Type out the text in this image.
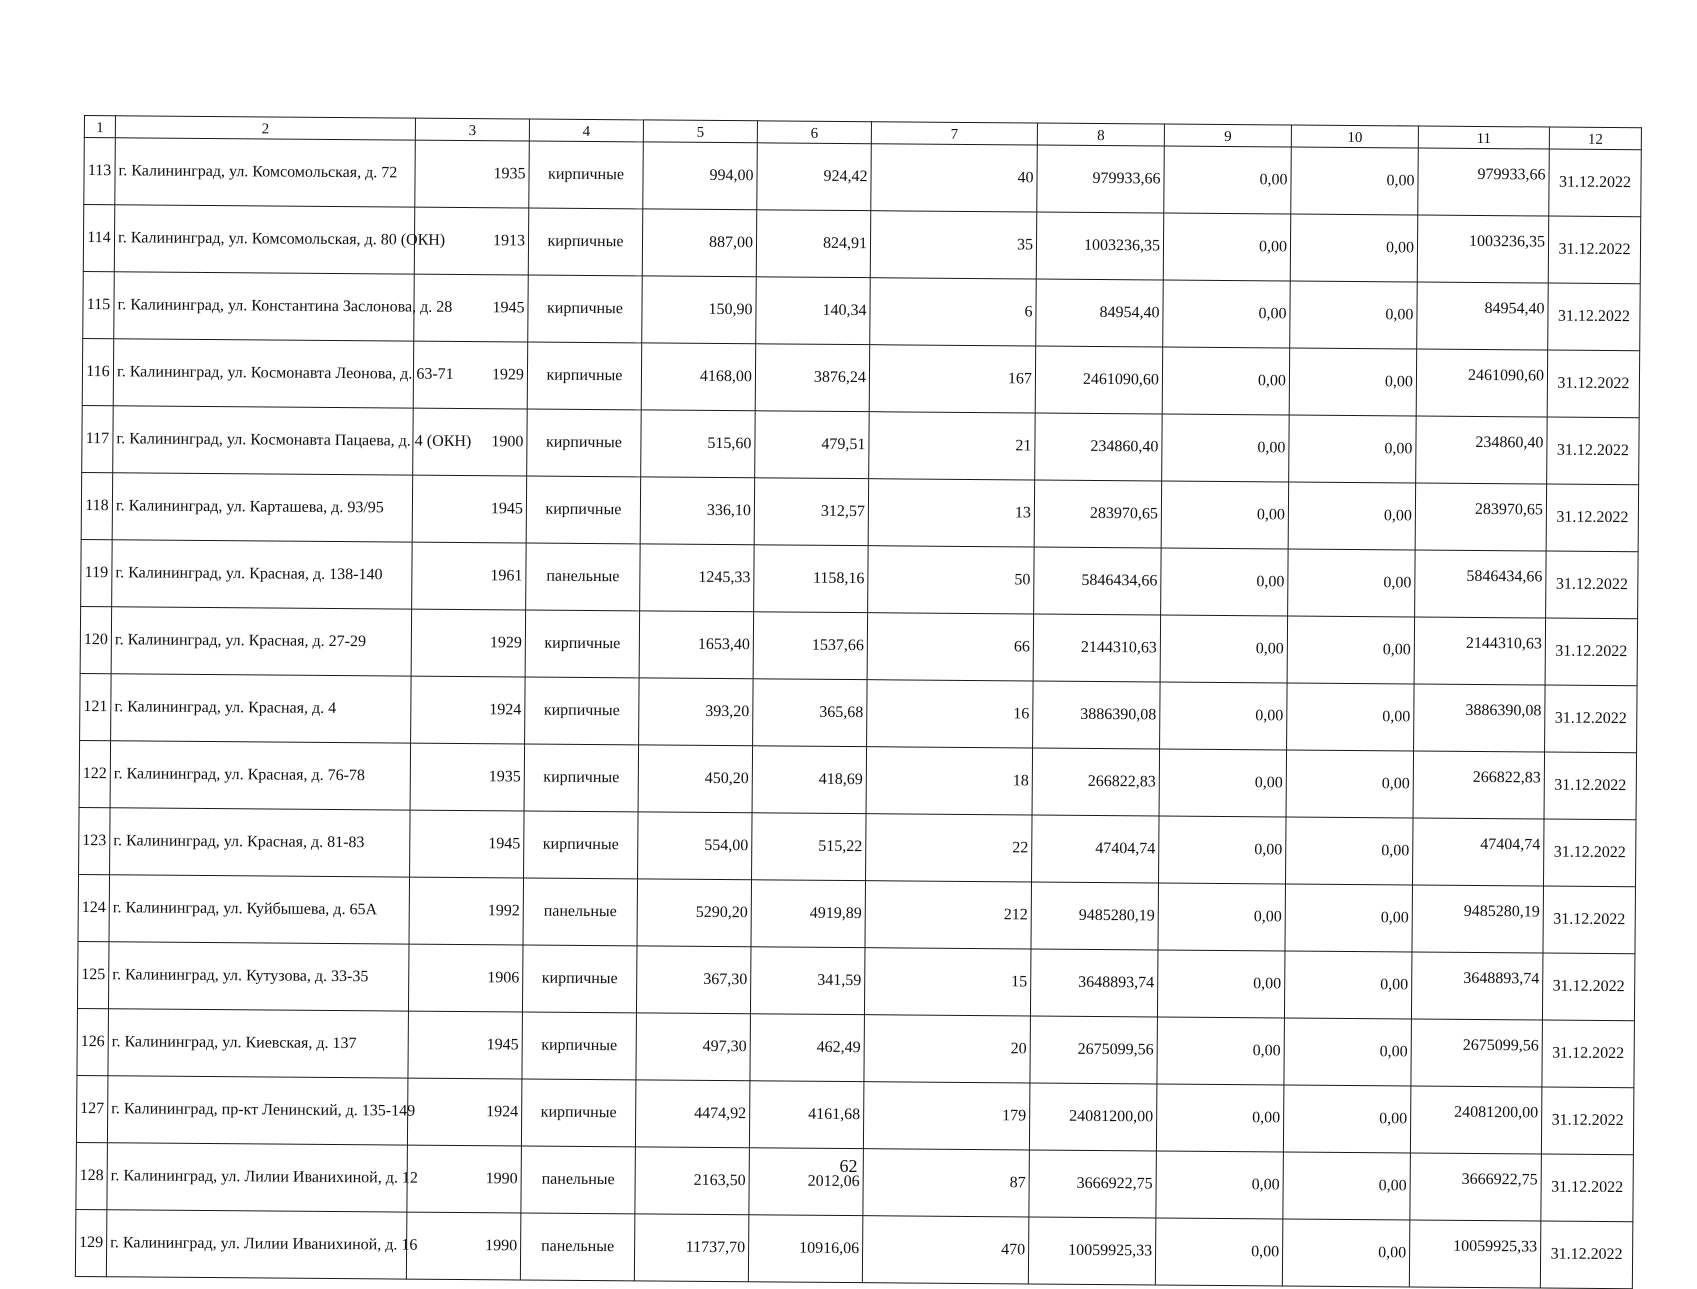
1	2	3	4	5	6	7	8	9	10	11	12
113	г. Калининград, ул. Комсомольская, д. 72	1935	кирпичные	994,00	924,42	40	979933,66	0,00	0,00	979933,66	31.12.2022
114	г. Калининград, ул. Комсомольская, д. 80 (ОКН)	1913	кирпичные	887,00	824,91	35	1003236,35	0,00	0,00	1003236,35	31.12.2022
115	г. Калининград, ул. Константина Заслонова, д. 28	1945	кирпичные	150,90	140,34	6	84954,40	0,00	0,00	84954,40	31.12.2022
116	г. Калининград, ул. Космонавта Леонова, д. 63-71	1929	кирпичные	4168,00	3876,24	167	2461090,60	0,00	0,00	2461090,60	31.12.2022
117	г. Калининград, ул. Космонавта Пацаева, д. 4 (ОКН)	1900	кирпичные	515,60	479,51	21	234860,40	0,00	0,00	234860,40	31.12.2022
118	г. Калининград, ул. Карташева, д. 93/95	1945	кирпичные	336,10	312,57	13	283970,65	0,00	0,00	283970,65	31.12.2022
119	г. Калининград, ул. Красная, д. 138-140	1961	панельные	1245,33	1158,16	50	5846434,66	0,00	0,00	5846434,66	31.12.2022
120	г. Калининград, ул. Красная, д. 27-29	1929	кирпичные	1653,40	1537,66	66	2144310,63	0,00	0,00	2144310,63	31.12.2022
121	г. Калининград, ул. Красная, д. 4	1924	кирпичные	393,20	365,68	16	3886390,08	0,00	0,00	3886390,08	31.12.2022
122	г. Калининград, ул. Красная, д. 76-78	1935	кирпичные	450,20	418,69	18	266822,83	0,00	0,00	266822,83	31.12.2022
123	г. Калининград, ул. Красная, д. 81-83	1945	кирпичные	554,00	515,22	22	47404,74	0,00	0,00	47404,74	31.12.2022
124	г. Калининград, ул. Куйбышева, д. 65А	1992	панельные	5290,20	4919,89	212	9485280,19	0,00	0,00	9485280,19	31.12.2022
125	г. Калининград, ул. Кутузова, д. 33-35	1906	кирпичные	367,30	341,59	15	3648893,74	0,00	0,00	3648893,74	31.12.2022
126	г. Калининград, ул. Киевская, д. 137	1945	кирпичные	497,30	462,49	20	2675099,56	0,00	0,00	2675099,56	31.12.2022
127	г. Калининград, пр-кт Ленинский, д. 135-149	1924	кирпичные	4474,92	4161,68	179	24081200,00	0,00	0,00	24081200,00	31.12.2022
128	г. Калининград, ул. Лилии Иванихиной, д. 12	1990	панельные	2163,50	2012,06	87	3666922,75	0,00	0,00	3666922,75	31.12.2022
129	г. Калининград, ул. Лилии Иванихиной, д. 16	1990	панельные	11737,70	10916,06	470	10059925,33	0,00	0,00	10059925,33	31.12.2022
62
